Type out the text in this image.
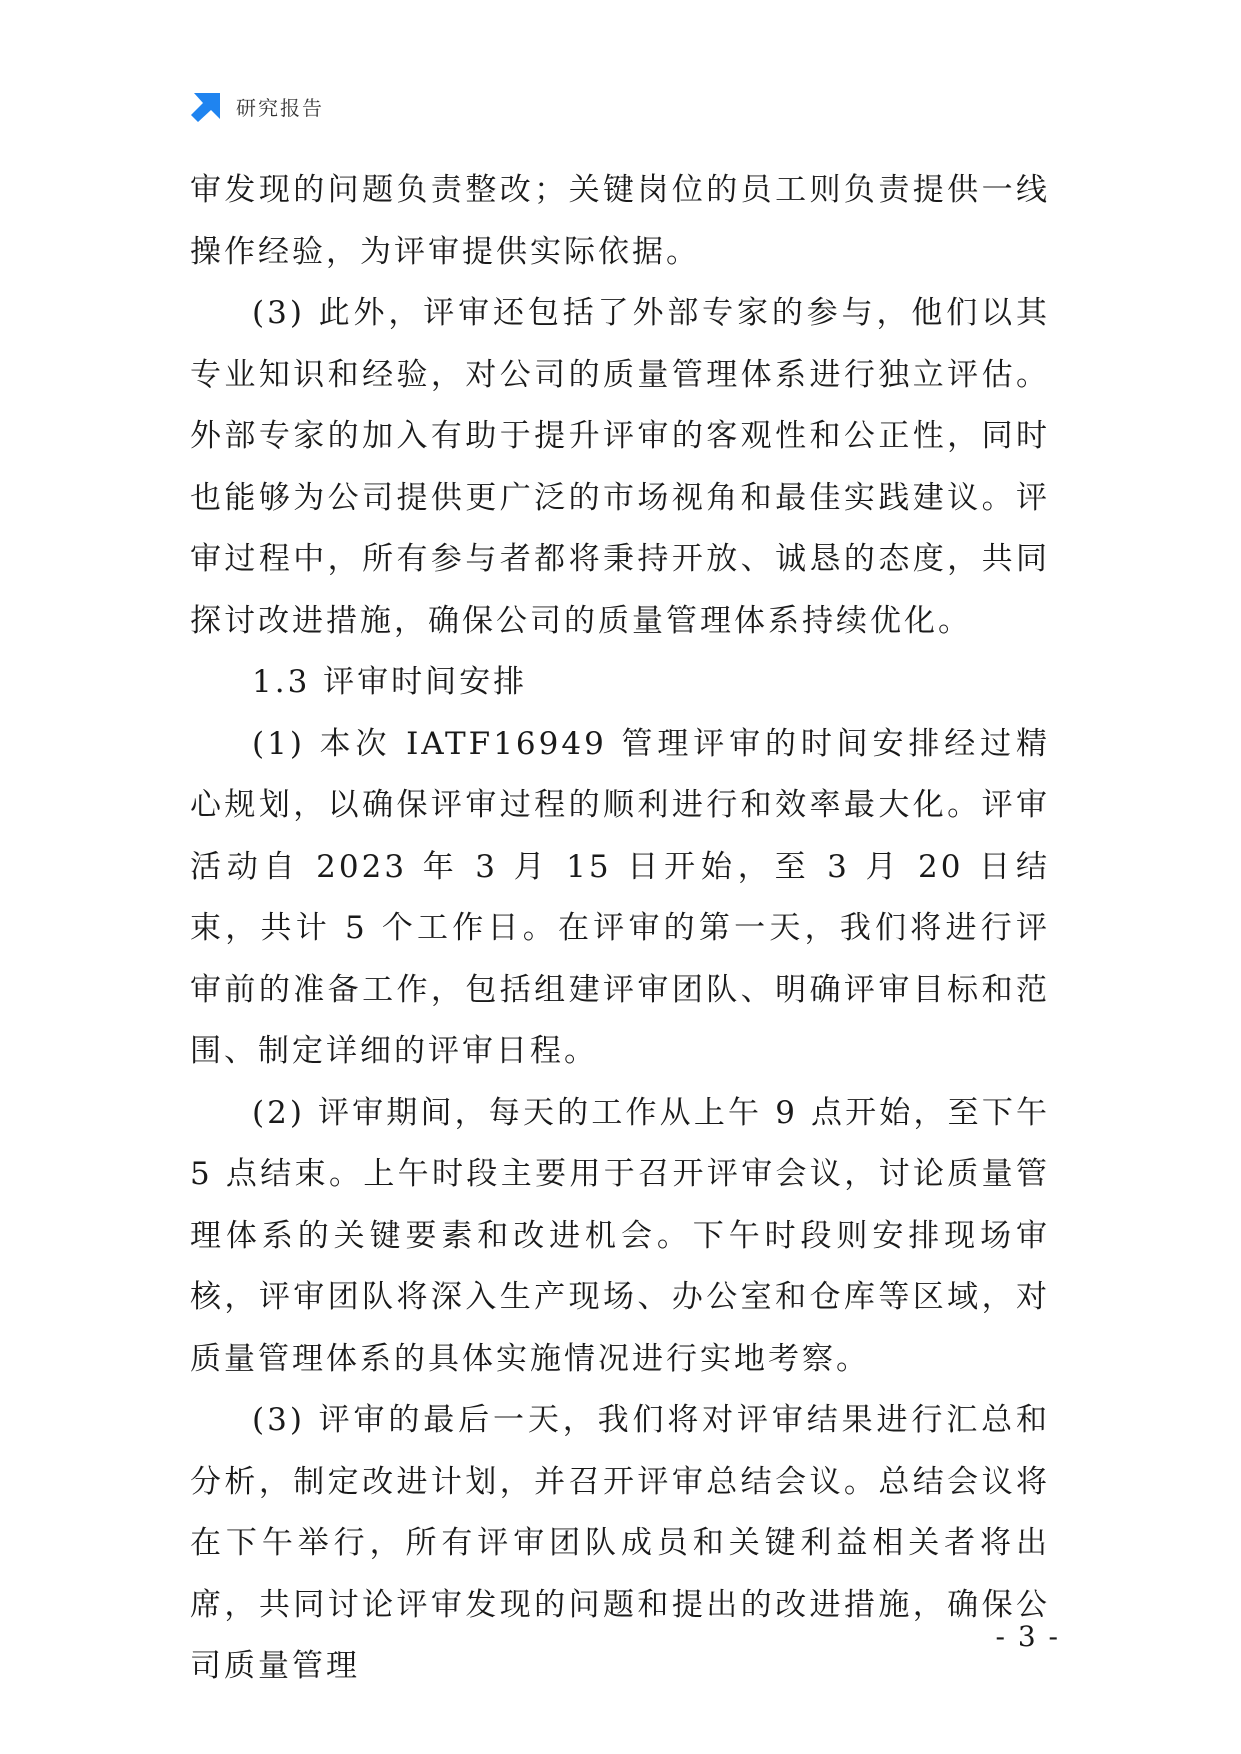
研究报告

审发现的问题负责整改；关键岗位的员工则负责提供一线操作经验，为评审提供实际依据。

(3) 此外，评审还包括了外部专家的参与，他们以其专业知识和经验，对公司的质量管理体系进行独立评估。外部专家的加入有助于提升评审的客观性和公正性，同时也能够为公司提供更广泛的市场视角和最佳实践建议。评审过程中，所有参与者都将秉持开放、诚恳的态度，共同探讨改进措施，确保公司的质量管理体系持续优化。

1.3 评审时间安排

(1) 本次 IATF16949 管理评审的时间安排经过精心规划，以确保评审过程的顺利进行和效率最大化。评审活动自 2023 年 3 月 15 日开始，至 3 月 20 日结束，共计 5 个工作日。在评审的第一天，我们将进行评审前的准备工作，包括组建评审团队、明确评审目标和范围、制定详细的评审日程。

(2) 评审期间，每天的工作从上午 9 点开始，至下午 5 点结束。上午时段主要用于召开评审会议，讨论质量管理体系的关键要素和改进机会。下午时段则安排现场审核，评审团队将深入生产现场、办公室和仓库等区域，对质量管理体系的具体实施情况进行实地考察。

(3) 评审的最后一天，我们将对评审结果进行汇总和分析，制定改进计划，并召开评审总结会议。总结会议将在下午举行，所有评审团队成员和关键利益相关者将出席，共同讨论评审发现的问题和提出的改进措施，确保公司质量管理

- 3 -
